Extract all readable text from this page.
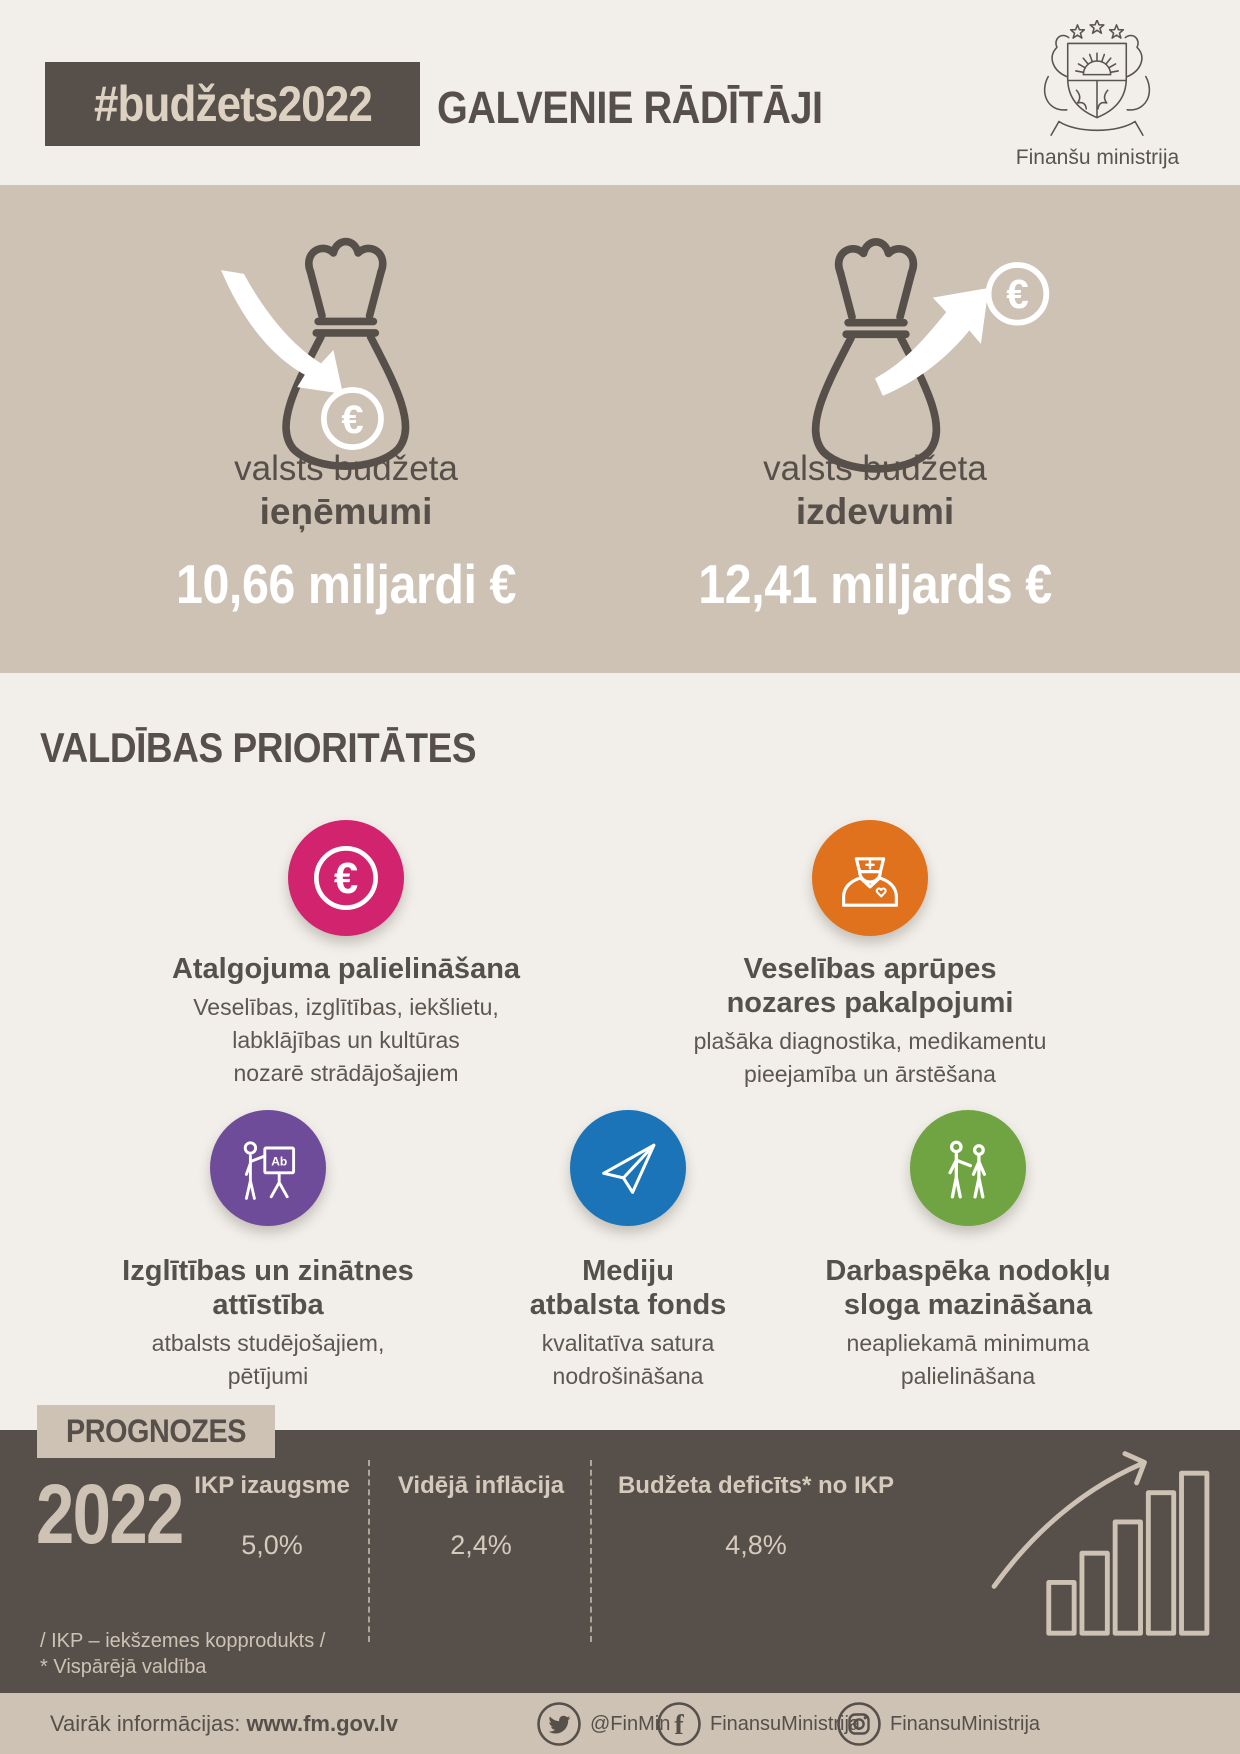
#budžets2022 GALVENIE RĀDĪTĀJI
Finanšu ministrija
€
€
valsts budžeta
ieņēmumi
10,66 miljardi €
valsts budžeta
izdevumi
12,41 miljards €
VALDĪBAS PRIORITĀTES
€
Atalgojuma palielināšana
Veselības, izglītības, iekšlietu,
labklājības un kultūras
nozarē strādājošajiem
Veselības aprūpes
nozares pakalpojumi
plašāka diagnostika, medikamentu
pieejamība un ārstēšana
Ab
Izglītības un zinātnes
attīstība
atbalsts studējošajiem,
pētījumi
Mediju
atbalsta fonds
kvalitatīva satura
nodrošināšana
Darbaspēka nodokļu
sloga mazināšana
neapliekamā minimuma
palielināšana
PROGNOZES
2022 IKP izaugsme
5,0%
Vidējā inflācija
2,4%
Budžeta deficīts* no IKP
4,8%
/ IKP – iekšzemes kopprodukts /
* Vispārējā valdība
Vairāk informācijas: www.fm.gov.lv	@FinMin f FinansuMinistrija FinansuMinistrija
